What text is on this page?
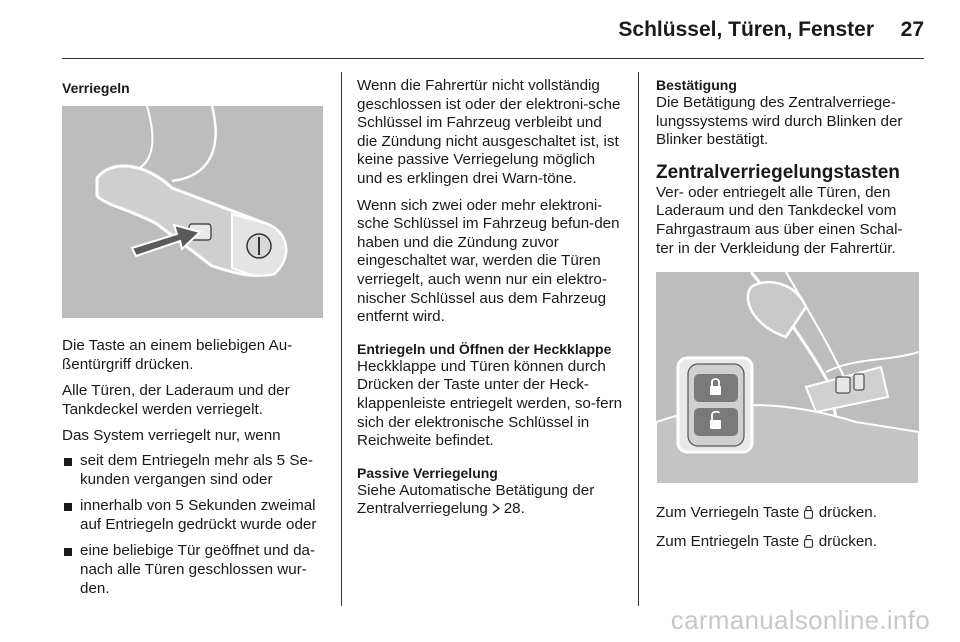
Schlüssel, Türen, Fenster 27
Verriegeln

Die Taste an einem beliebigen Au-ßentürgriff drücken.

Alle Türen, der Laderaum und der Tankdeckel werden verriegelt.

Das System verriegelt nur, wenn

seit dem Entriegeln mehr als 5 Se-kunden vergangen sind oder
innerhalb von 5 Sekunden zweimal auf Entriegeln gedrückt wurde oder
eine beliebige Tür geöffnet und da-nach alle Türen geschlossen wur-den.

Wenn die Fahrertür nicht vollständig geschlossen ist oder der elektroni-sche Schlüssel im Fahrzeug verbleibt und die Zündung nicht ausgeschaltet ist, ist keine passive Verriegelung möglich und es erklingen drei Warn-töne.

Wenn sich zwei oder mehr elektroni-sche Schlüssel im Fahrzeug befun-den haben und die Zündung zuvor eingeschaltet war, werden die Türen verriegelt, auch wenn nur ein elektro-nischer Schlüssel aus dem Fahrzeug entfernt wird.

Entriegeln und Öffnen der Heckklappe

Heckklappe und Türen können durch Drücken der Taste unter der Heck-klappenleiste entriegelt werden, so-fern sich der elektronische Schlüssel in Reichweite befindet.

Passive Verriegelung

Siehe Automatische Betätigung der Zentralverriegelung 28.

Bestätigung

Die Betätigung des Zentralverriege-lungssystems wird durch Blinken der Blinker bestätigt.

Zentralverriegelungstasten

Ver- oder entriegelt alle Türen, den Laderaum und den Tankdeckel vom Fahrgastraum aus über einen Schal-ter in der Verkleidung der Fahrertür.

Zum Verriegeln Taste drücken.

Zum Entriegeln Taste drücken.

carmanualsonline.info
